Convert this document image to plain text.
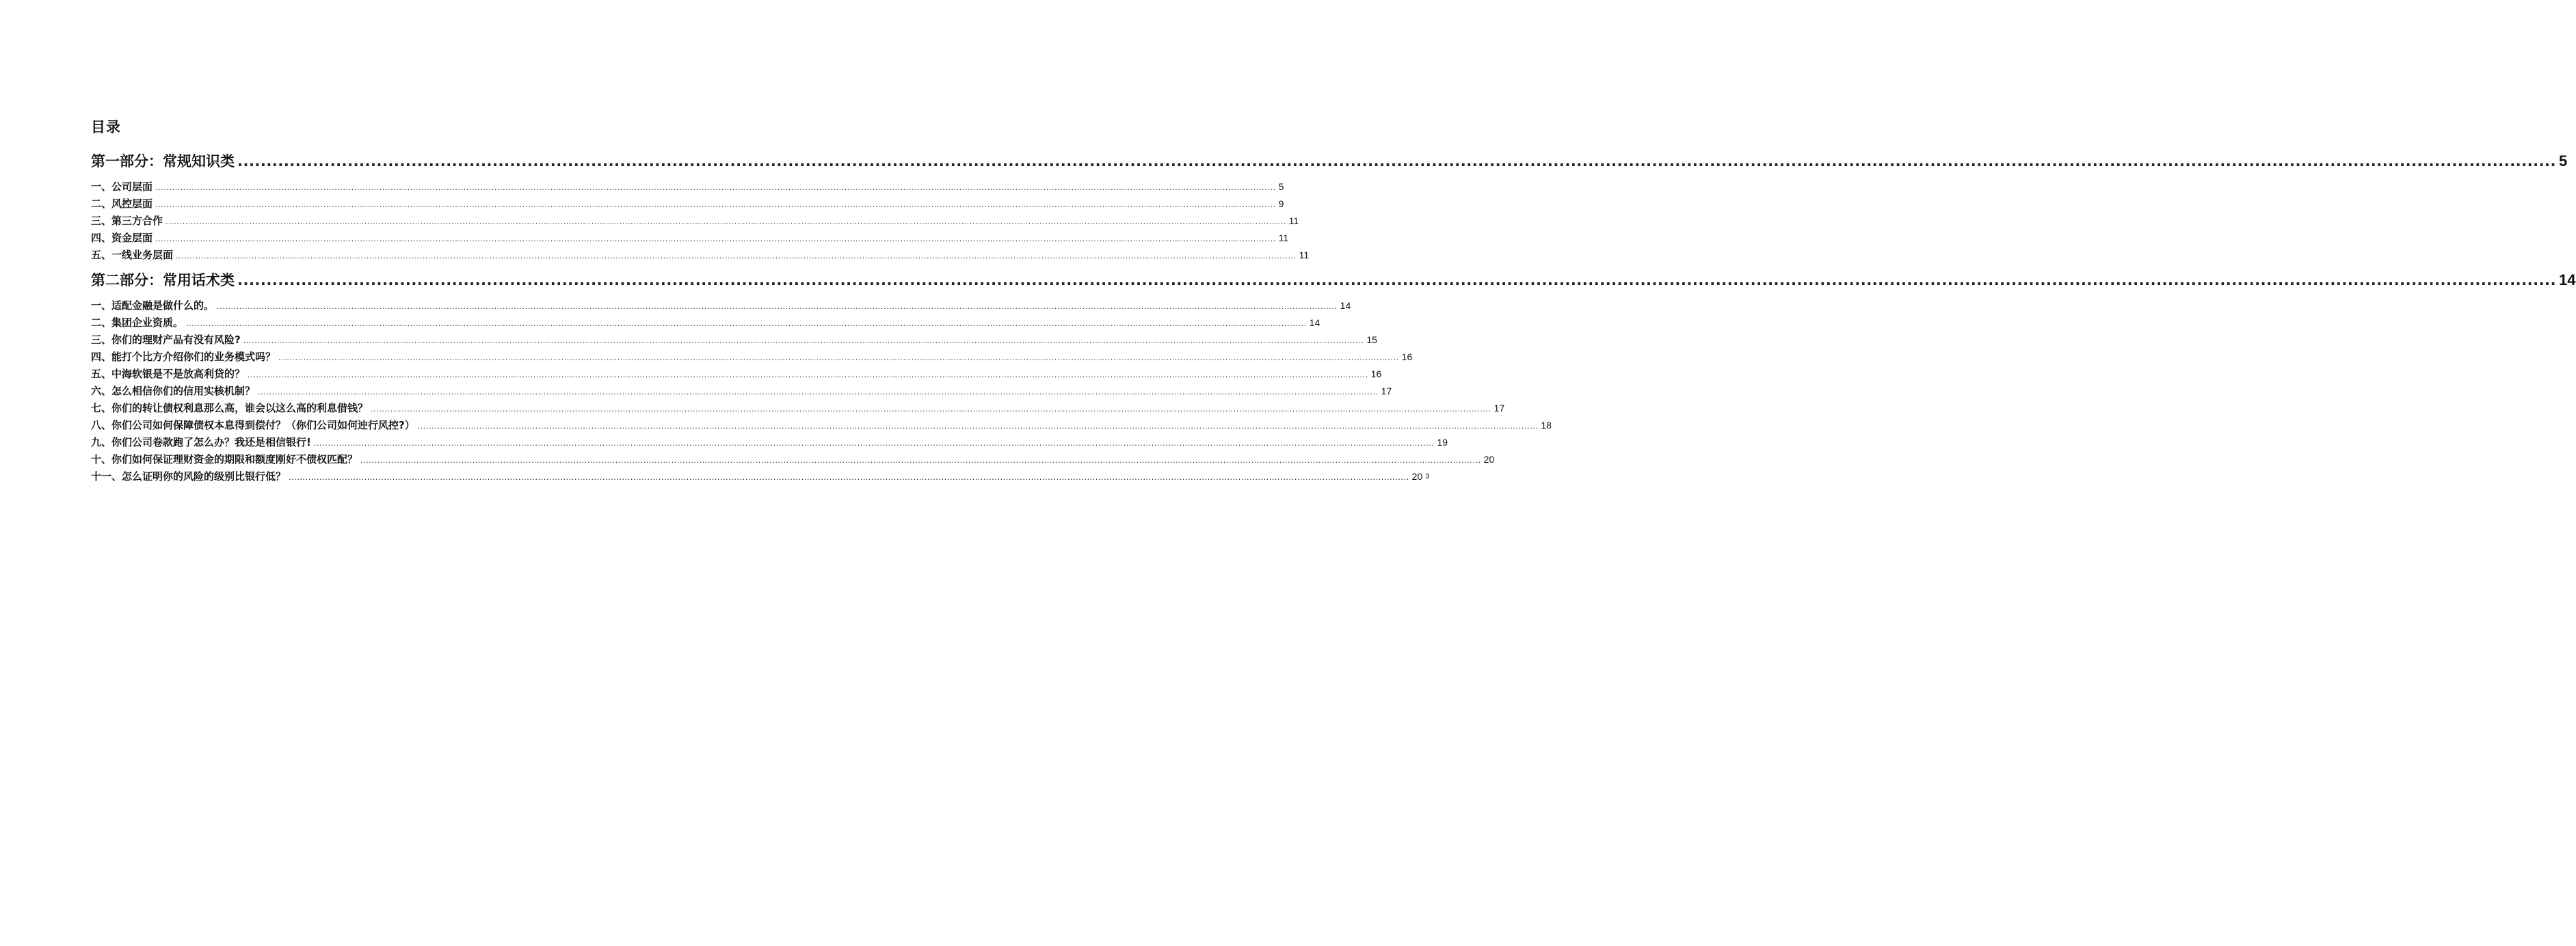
目录
第一部分：常规知识类 ................................................................................................................................................................................................................................................................................................................................................................................................................ 5
一、 公司层面 ................................................................................................................................................................................................................................................................................................................................................................................................................ 5
二、 风控层面 ................................................................................................................................................................................................................................................................................................................................................................................................................ 9
三、 第三方合作 ................................................................................................................................................................................................................................................................................................................................................................................................................ 11
四、 资金层面 ................................................................................................................................................................................................................................................................................................................................................................................................................ 11
五、 一线业务层面 ................................................................................................................................................................................................................................................................................................................................................................................................................ 11
第二部分：常用话术类 ................................................................................................................................................................................................................................................................................................................................................................................................................ 14
一、 适配金融是做什么的。 ................................................................................................................................................................................................................................................................................................................................................................................................................ 14
二、 集团企业资质。 ................................................................................................................................................................................................................................................................................................................................................................................................................ 14
三、 你们的理财产品有没有风险? ................................................................................................................................................................................................................................................................................................................................................................................................................ 15
四、 能打个比方介绍你们的业务模式吗？ ................................................................................................................................................................................................................................................................................................................................................................................................................ 16
五、 中海软银是不是放高利贷的？ ................................................................................................................................................................................................................................................................................................................................................................................................................ 16
六、 怎么相信你们的信用实核机制？ ................................................................................................................................................................................................................................................................................................................................................................................................................ 17
七、 你们的转让债权利息那么高，谁会以这么高的利息借钱？ ................................................................................................................................................................................................................................................................................................................................................................................................................ 17
八、 你们公司如何保障债权本息得到偿付？（你们公司如何迚行风控?） ................................................................................................................................................................................................................................................................................................................................................................................................................ 18
九、 你们公司卷款跑了怎么办？我还是相信银行! ................................................................................................................................................................................................................................................................................................................................................................................................................ 19
十、 你们如何保证理财资金的期限和额度刚好不债权匹配？ ................................................................................................................................................................................................................................................................................................................................................................................................................ 20
十一、 怎么证明你的风险的级别比银行低？ ................................................................................................................................................................................................................................................................................................................................................................................................................ 20 3
